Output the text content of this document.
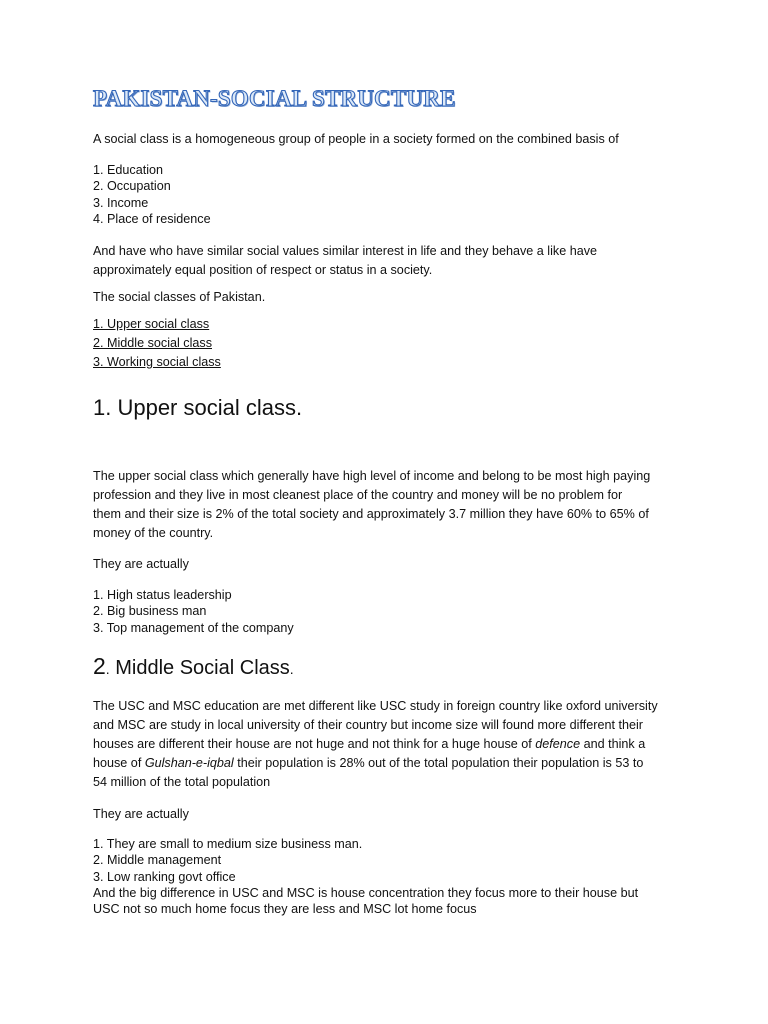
PAKISTAN-SOCIAL STRUCTURE

A social class is a homogeneous group of people in a society formed on the combined basis of

1. Education
2. Occupation
3. Income
4. Place of residence

And have who have similar social values similar interest in life and they behave a like have
approximately equal position of respect or status in a society.

The social classes of Pakistan.

1. Upper social class
2. Middle social class
3. Working social class
1. Upper social class.

The upper social class which generally have high level of income and belong to be most high paying
profession and they live in most cleanest place of the country and money will be no problem for
them and their size is 2% of the total society and approximately 3.7 million they have 60% to 65% of
money of the country.

They are actually

1. High status leadership
2. Big business man
3. Top management of the company
2. Middle Social Class.

The USC and MSC education are met different like USC study in foreign country like oxford university
and MSC are study in local university of their country but income size will found more different their
houses are different their house are not huge and not think for a huge house of defence and think a
house of Gulshan-e-iqbal their population is 28% out of the total population their population is 53 to
54 million of the total population

They are actually

1. They are small to medium size business man.
2. Middle management
3. Low ranking govt office
And the big difference in USC and MSC is house concentration they focus more to their house but
USC not so much home focus they are less and MSC lot home focus
